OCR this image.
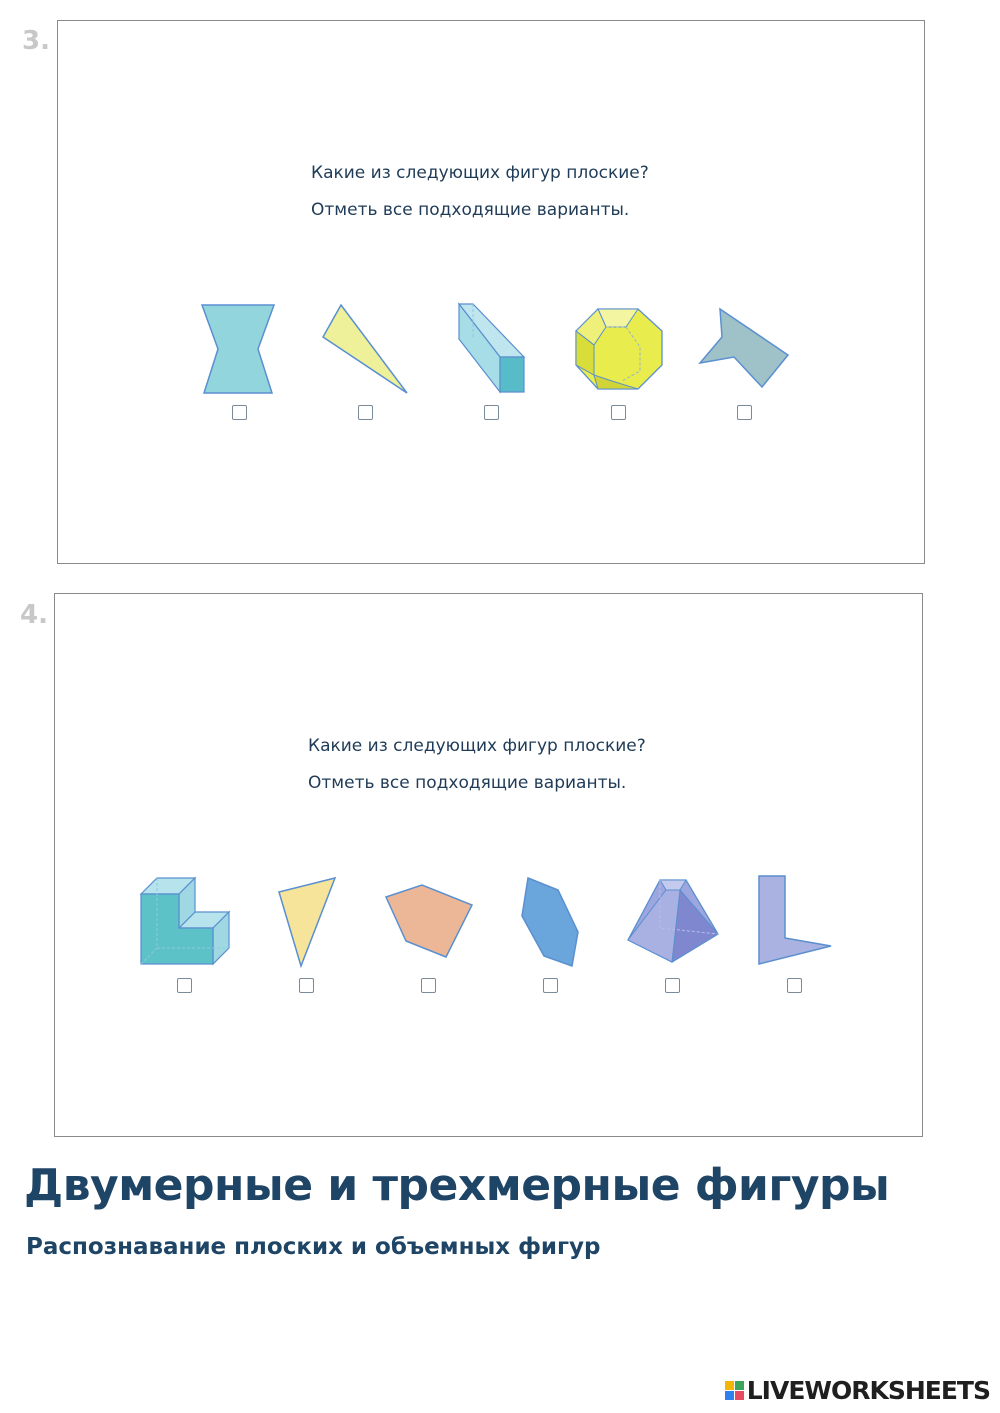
3.
Какие из следующих фигур плоские?
Отметь все подходящие варианты.
4.
Какие из следующих фигур плоские?
Отметь все подходящие варианты.
Двумерные и трехмерные фигуры
Распознавание плоских и объемных фигур
LIVEWORKSHEETS
